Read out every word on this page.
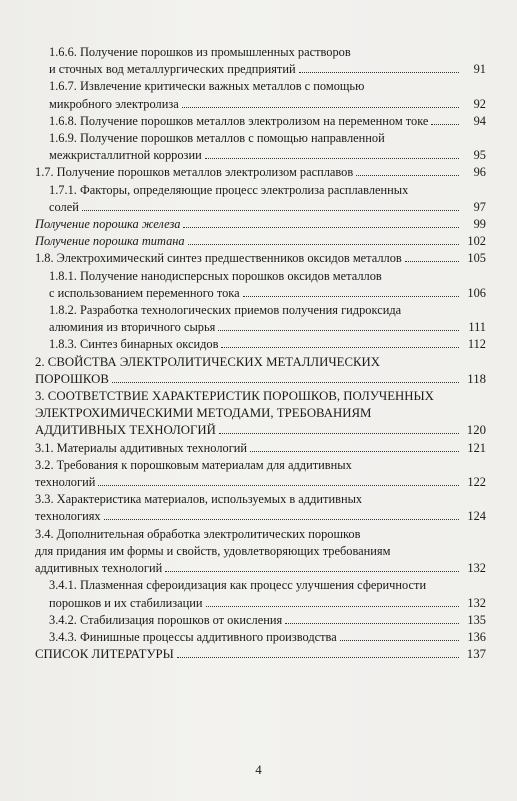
1.6.6. Получение порошков из промышленных растворов
и сточных вод металлургических предприятий	91
1.6.7. Извлечение критически важных металлов с помощью
микробного электролиза	92
1.6.8. Получение порошков металлов электролизом на переменном токе	94
1.6.9. Получение порошков металлов с помощью направленной
межкристаллитной коррозии	95
1.7. Получение порошков металлов электролизом расплавов	96
1.7.1. Факторы, определяющие процесс электролиза расплавленных
солей	97
Получение порошка железа	99
Получение порошка титана	102
1.8. Электрохимический синтез предшественников оксидов металлов	105
1.8.1. Получение нанодисперсных порошков оксидов металлов
с использованием переменного тока	106
1.8.2. Разработка технологических приемов получения гидроксида
алюминия из вторичного сырья	111
1.8.3. Синтез бинарных оксидов	112
2. СВОЙСТВА ЭЛЕКТРОЛИТИЧЕСКИХ МЕТАЛЛИЧЕСКИХ
ПОРОШКОВ	118
3. СООТВЕТСТВИЕ ХАРАКТЕРИСТИК ПОРОШКОВ, ПОЛУЧЕННЫХ
ЭЛЕКТРОХИМИЧЕСКИМИ МЕТОДАМИ, ТРЕБОВАНИЯМ
АДДИТИВНЫХ ТЕХНОЛОГИЙ	120
3.1. Материалы аддитивных технологий	121
3.2. Требования к порошковым материалам для аддитивных
технологий	122
3.3. Характеристика материалов, используемых в аддитивных
технологиях	124
3.4. Дополнительная обработка электролитических порошков
для придания им формы и свойств, удовлетворяющих требованиям
аддитивных технологий	132
3.4.1. Плазменная сфероидизация как процесс улучшения сферичности
порошков и их стабилизации	132
3.4.2. Стабилизация порошков от окисления	135
3.4.3. Финишные процессы аддитивного производства	136
СПИСОК ЛИТЕРАТУРЫ	137
4
